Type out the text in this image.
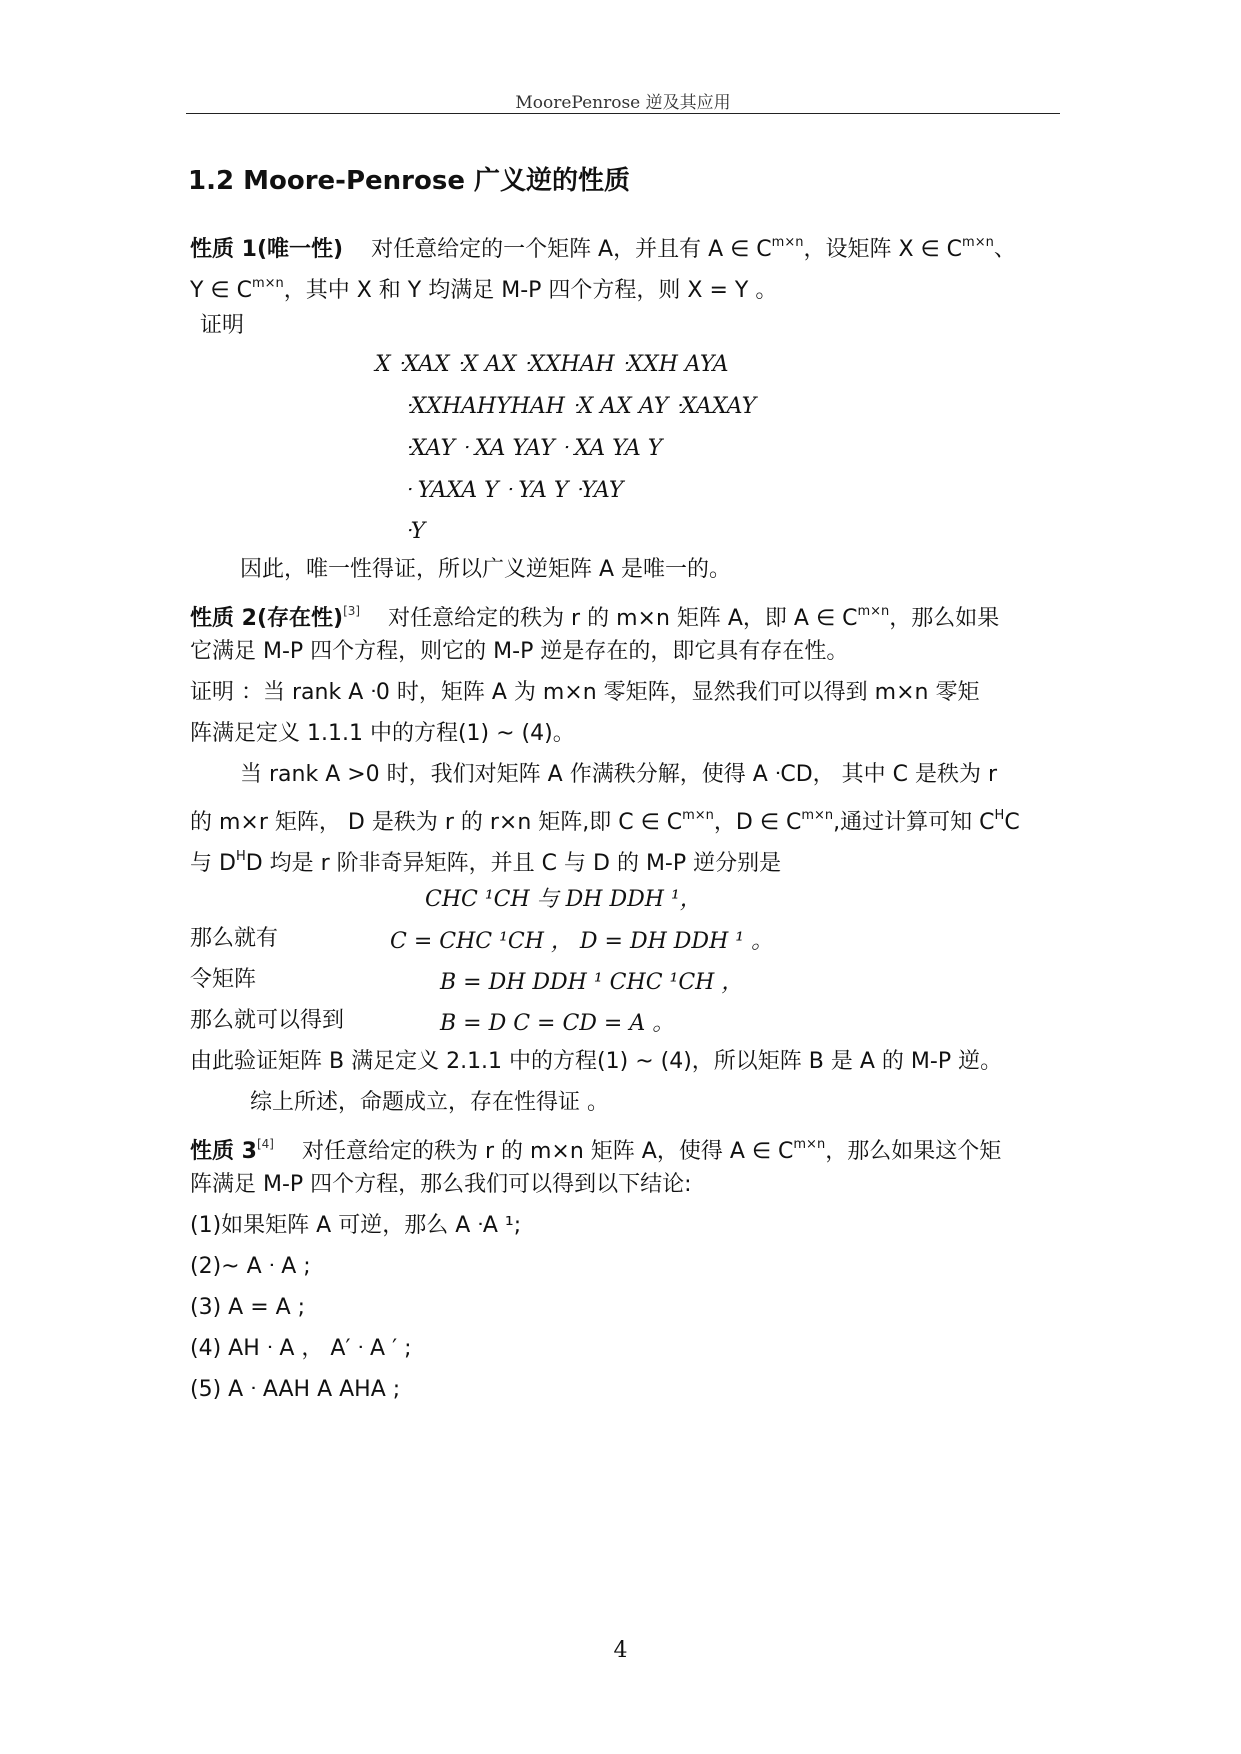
MoorePenrose 逆及其应用
1.2 Moore-Penrose 广义逆的性质
性质 1(唯一性) 对任意给定的一个矩阵 A，并且有 A ∈ $C^{m\times n}$，设矩阵 X ∈ $C^{m\times n}$、
Y ∈ $C^{m\times n}$，其中 X 和 Y 均满足 M-P 四个方程，则 X = Y 。
证明
X ᐧXAX ᐧX AX ᐧXXHAH ᐧXXH AYA
ᐧXXHAHYHAH ᐧX AX AY ᐧXAXAY
ᐧXAY ᐧ XA YAY ᐧ XA YA Y
ᐧ YAXA Y ᐧ YA Y ᐧYAY
ᐧY
因此，唯一性得证，所以广义逆矩阵 A 是唯一的。
性质 2(存在性)[3] 对任意给定的秩为 r 的 m×n 矩阵 A，即 A ∈ $C^{m\times n}$，那么如果
它满足 M-P 四个方程，则它的 M-P 逆是存在的，即它具有存在性。
证明 ：当 rank A ᐧ0 时，矩阵 A 为 m×n 零矩阵，显然我们可以得到 m×n 零矩
阵满足定义 1.1.1 中的方程(1) ~ (4)。
当 rank A >0 时，我们对矩阵 A 作满秩分解，使得 A ᐧCD， 其中 C 是秩为 r
的 m×r 矩阵， D 是秩为 r 的 r×n 矩阵,即 C ∈ $C^{m\times n}$，D ∈ $C^{m\times n}$,通过计算可知 $C^HC$
与 $D^HD$ 均是 r 阶非奇异矩阵，并且 C 与 D 的 M-P 逆分别是
CHC ¹CH 与 DH DDH ¹，
那么就有	C = CHC ¹CH ， D = DH DDH ¹ 。
令矩阵	B = DH DDH ¹ CHC ¹CH ，
那么就可以得到	B = D C = CD = A 。
由此验证矩阵 B 满足定义 2.1.1 中的方程(1) ~ (4)，所以矩阵 B 是 A 的 M-P 逆。
综上所述，命题成立，存在性得证 。
性质 3[4] 对任意给定的秩为 r 的 m×n 矩阵 A，使得 A ∈ $C^{m\times n}$，那么如果这个矩
阵满足 M-P 四个方程，那么我们可以得到以下结论:
(1)如果矩阵 A 可逆，那么 A ᐧA ¹;
(2)~ A ᐧ A ;
(3) A = A ;
(4) AH ᐧ A ， A′ ᐧ A ′ ;
(5) A ᐧ AAH A AHA ;
4
